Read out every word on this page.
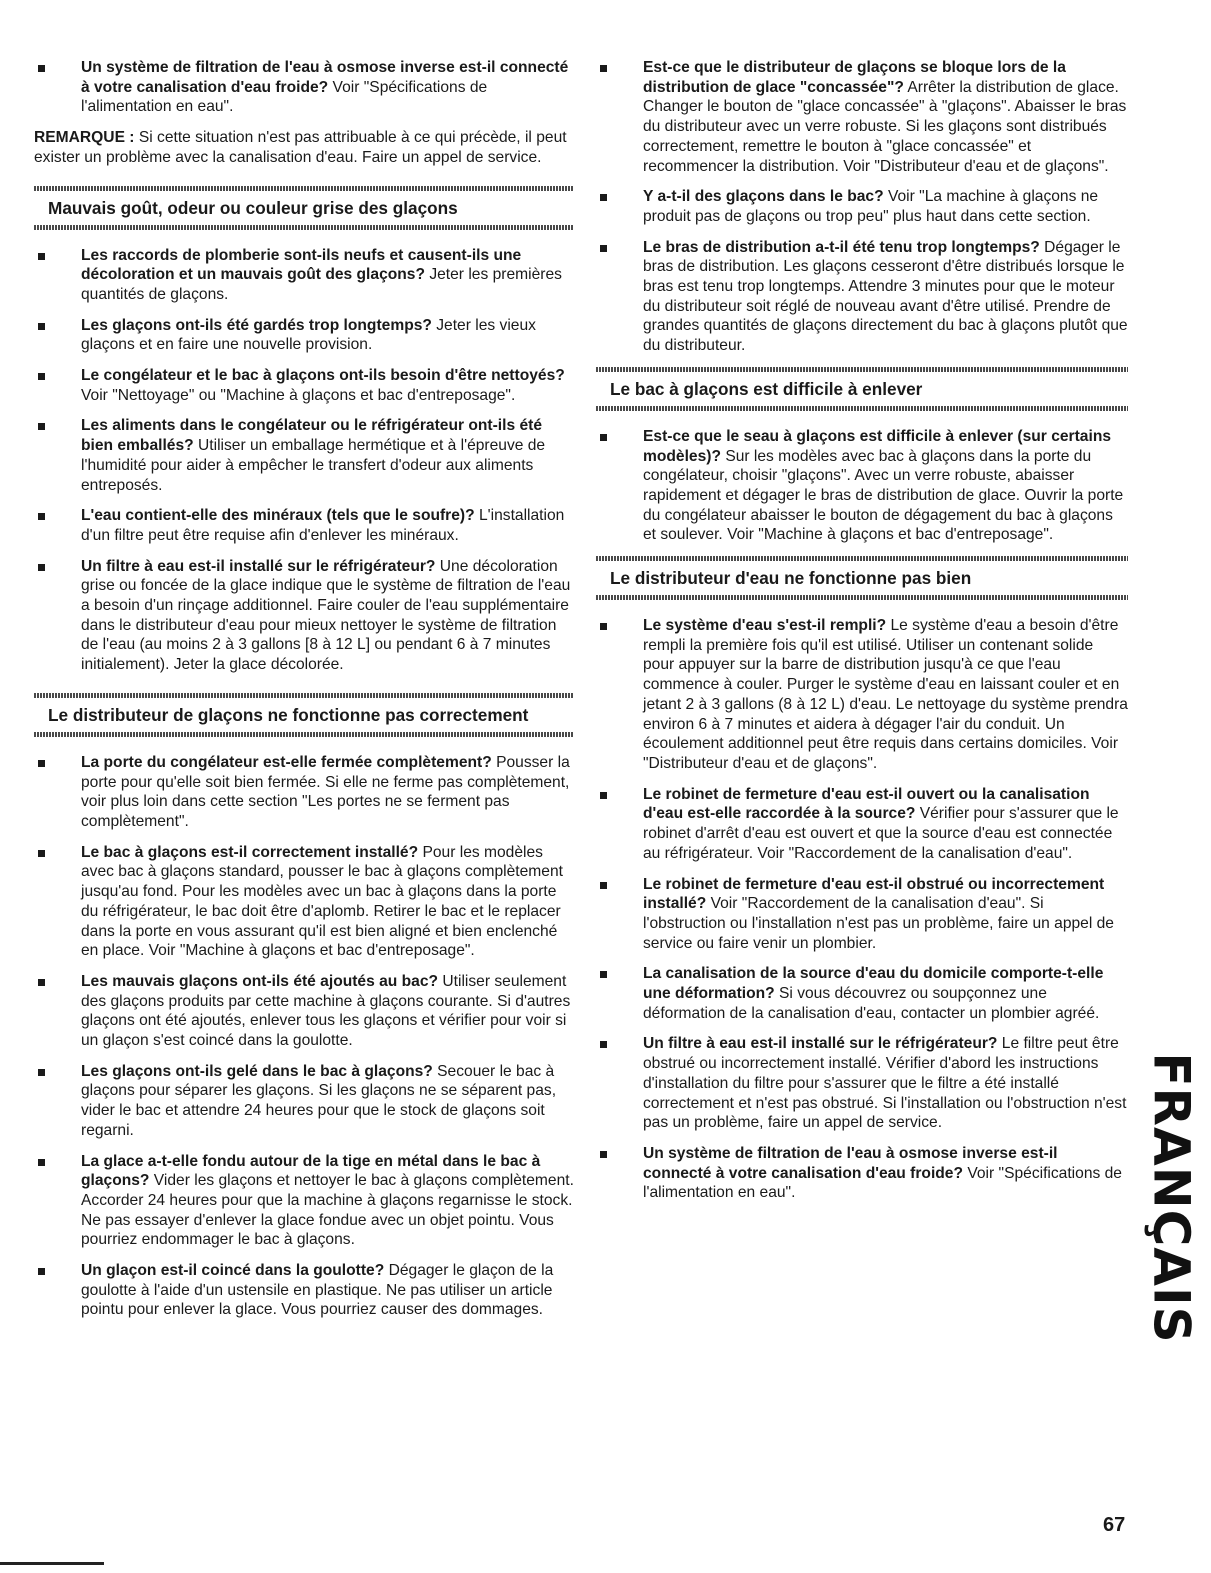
Un système de filtration de l'eau à osmose inverse est-il connecté à votre canalisation d'eau froide? Voir "Spécifications de l'alimentation en eau".

REMARQUE : Si cette situation n'est pas attribuable à ce qui précède, il peut exister un problème avec la canalisation d'eau. Faire un appel de service.

Mauvais goût, odeur ou couleur grise des glaçons
Les raccords de plomberie sont-ils neufs et causent-ils une décoloration et un mauvais goût des glaçons? Jeter les premières quantités de glaçons.
Les glaçons ont-ils été gardés trop longtemps? Jeter les vieux glaçons et en faire une nouvelle provision.
Le congélateur et le bac à glaçons ont-ils besoin d'être nettoyés? Voir "Nettoyage" ou "Machine à glaçons et bac d'entreposage".
Les aliments dans le congélateur ou le réfrigérateur ont-ils été bien emballés? Utiliser un emballage hermétique et à l'épreuve de l'humidité pour aider à empêcher le transfert d'odeur aux aliments entreposés.
L'eau contient-elle des minéraux (tels que le soufre)? L'installation d'un filtre peut être requise afin d'enlever les minéraux.
Un filtre à eau est-il installé sur le réfrigérateur? Une décoloration grise ou foncée de la glace indique que le système de filtration de l'eau a besoin d'un rinçage additionnel. Faire couler de l'eau supplémentaire dans le distributeur d'eau pour mieux nettoyer le système de filtration de l'eau (au moins 2 à 3 gallons [8 à 12 L] ou pendant 6 à 7 minutes initialement). Jeter la glace décolorée.
Le distributeur de glaçons ne fonctionne pas correctement
La porte du congélateur est-elle fermée complètement? Pousser la porte pour qu'elle soit bien fermée. Si elle ne ferme pas complètement, voir plus loin dans cette section "Les portes ne se ferment pas complètement".
Le bac à glaçons est-il correctement installé? Pour les modèles avec bac à glaçons standard, pousser le bac à glaçons complètement jusqu'au fond. Pour les modèles avec un bac à glaçons dans la porte du réfrigérateur, le bac doit être d'aplomb. Retirer le bac et le replacer dans la porte en vous assurant qu'il est bien aligné et bien enclenché en place. Voir "Machine à glaçons et bac d'entreposage".
Les mauvais glaçons ont-ils été ajoutés au bac? Utiliser seulement des glaçons produits par cette machine à glaçons courante. Si d'autres glaçons ont été ajoutés, enlever tous les glaçons et vérifier pour voir si un glaçon s'est coincé dans la goulotte.
Les glaçons ont-ils gelé dans le bac à glaçons? Secouer le bac à glaçons pour séparer les glaçons. Si les glaçons ne se séparent pas, vider le bac et attendre 24 heures pour que le stock de glaçons soit regarni.
La glace a-t-elle fondu autour de la tige en métal dans le bac à glaçons? Vider les glaçons et nettoyer le bac à glaçons complètement. Accorder 24 heures pour que la machine à glaçons regarnisse le stock. Ne pas essayer d'enlever la glace fondue avec un objet pointu. Vous pourriez endommager le bac à glaçons.
Un glaçon est-il coincé dans la goulotte? Dégager le glaçon de la goulotte à l'aide d'un ustensile en plastique. Ne pas utiliser un article pointu pour enlever la glace. Vous pourriez causer des dommages.
Est-ce que le distributeur de glaçons se bloque lors de la distribution de glace "concassée"? Arrêter la distribution de glace. Changer le bouton de "glace concassée" à "glaçons". Abaisser le bras du distributeur avec un verre robuste. Si les glaçons sont distribués correctement, remettre le bouton à "glace concassée" et recommencer la distribution. Voir "Distributeur d'eau et de glaçons".
Y a-t-il des glaçons dans le bac? Voir "La machine à glaçons ne produit pas de glaçons ou trop peu" plus haut dans cette section.
Le bras de distribution a-t-il été tenu trop longtemps? Dégager le bras de distribution. Les glaçons cesseront d'être distribués lorsque le bras est tenu trop longtemps. Attendre 3 minutes pour que le moteur du distributeur soit réglé de nouveau avant d'être utilisé. Prendre de grandes quantités de glaçons directement du bac à glaçons plutôt que du distributeur.
Le bac à glaçons est difficile à enlever
Est-ce que le seau à glaçons est difficile à enlever (sur certains modèles)? Sur les modèles avec bac à glaçons dans la porte du congélateur, choisir "glaçons". Avec un verre robuste, abaisser rapidement et dégager le bras de distribution de glace. Ouvrir la porte du congélateur abaisser le bouton de dégagement du bac à glaçons et soulever. Voir "Machine à glaçons et bac d'entreposage".
Le distributeur d'eau ne fonctionne pas bien
Le système d'eau s'est-il rempli? Le système d'eau a besoin d'être rempli la première fois qu'il est utilisé. Utiliser un contenant solide pour appuyer sur la barre de distribution jusqu'à ce que l'eau commence à couler. Purger le système d'eau en laissant couler et en jetant 2 à 3 gallons (8 à 12 L) d'eau. Le nettoyage du système prendra environ 6 à 7 minutes et aidera à dégager l'air du conduit. Un écoulement additionnel peut être requis dans certains domiciles. Voir "Distributeur d'eau et de glaçons".
Le robinet de fermeture d'eau est-il ouvert ou la canalisation d'eau est-elle raccordée à la source? Vérifier pour s'assurer que le robinet d'arrêt d'eau est ouvert et que la source d'eau est connectée au réfrigérateur. Voir "Raccordement de la canalisation d'eau".
Le robinet de fermeture d'eau est-il obstrué ou incorrectement installé? Voir "Raccordement de la canalisation d'eau". Si l'obstruction ou l'installation n'est pas un problème, faire un appel de service ou faire venir un plombier.
La canalisation de la source d'eau du domicile comporte-t-elle une déformation? Si vous découvrez ou soupçonnez une déformation de la canalisation d'eau, contacter un plombier agréé.
Un filtre à eau est-il installé sur le réfrigérateur? Le filtre peut être obstrué ou incorrectement installé. Vérifier d'abord les instructions d'installation du filtre pour s'assurer que le filtre a été installé correctement et n'est pas obstrué. Si l'installation ou l'obstruction n'est pas un problème, faire un appel de service.
Un système de filtration de l'eau à osmose inverse est-il connecté à votre canalisation d'eau froide? Voir "Spécifications de l'alimentation en eau".	FRANÇAIS
67
